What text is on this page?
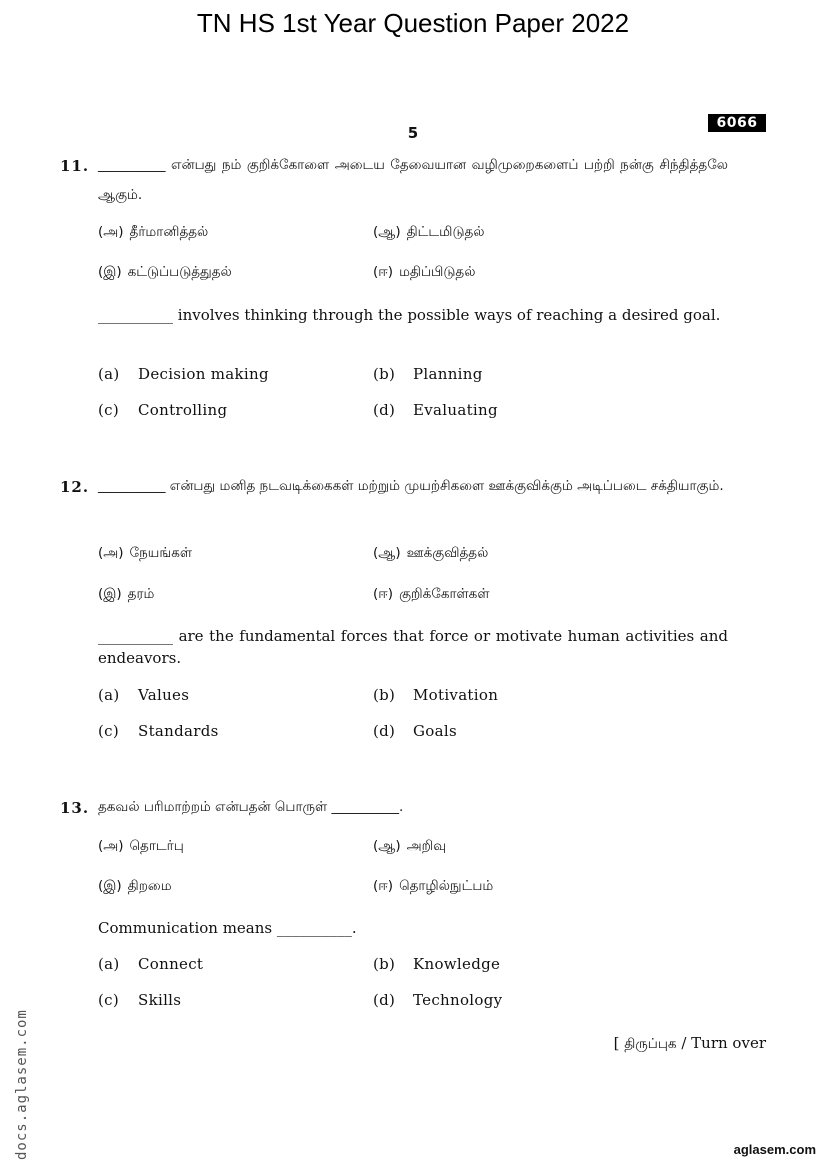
TN HS 1st Year Question Paper 2022
6066
5
11. __________ என்பது நம் குறிக்கோளை அடைய தேவையான வழிமுறைகளைப் பற்றி நன்கு சிந்தித்தலே ஆகும்.
(அ) தீர்மானித்தல்	(ஆ) திட்டமிடுதல்
(இ) கட்டுப்படுத்துதல்	(ஈ) மதிப்பிடுதல்
__________ involves thinking through the possible ways of reaching a desired goal.
(a) Decision making	(b) Planning
(c) Controlling	(d) Evaluating
12. __________ என்பது மனித நடவடிக்கைகள் மற்றும் முயற்சிகளை ஊக்குவிக்கும் அடிப்படை சக்தியாகும்.
(அ) நேயங்கள்	(ஆ) ஊக்குவித்தல்
(இ) தரம்	(ஈ) குறிக்கோள்கள்
__________ are the fundamental forces that force or motivate human activities and endeavors.
(a) Values	(b) Motivation
(c) Standards	(d) Goals
13. தகவல் பரிமாற்றம் என்பதன் பொருள் __________.
(அ) தொடர்பு	(ஆ) அறிவு
(இ) திறமை	(ஈ) தொழில்நுட்பம்
Communication means __________.
(a) Connect	(b) Knowledge
(c) Skills	(d) Technology
[ திருப்புக / Turn over
docs.aglasem.com	aglasem.com
